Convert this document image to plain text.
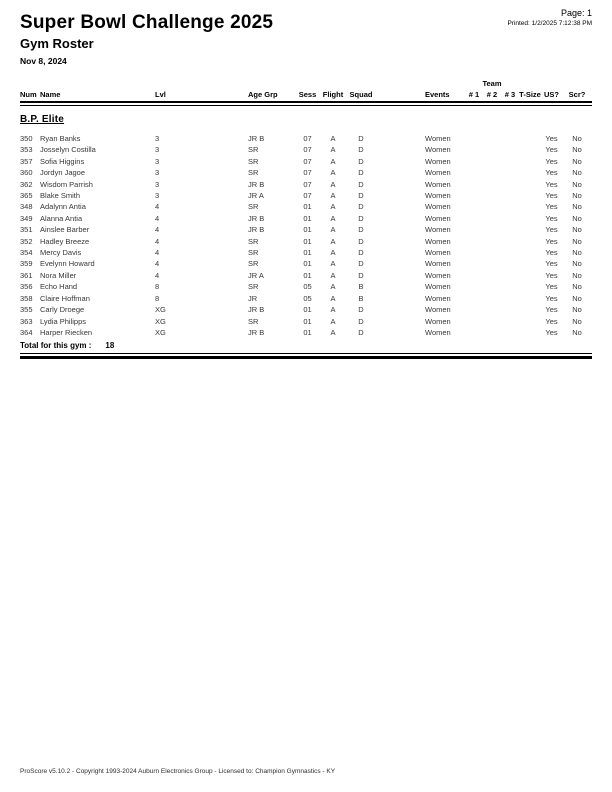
Super Bowl Challenge 2025
Gym Roster
Nov 8, 2024
Page: 1
Printed: 1/2/2025 7:12:38 PM
Team
Num Name	Lvl	Age Grp	Sess Flight Squad	Events	# 1	# 2	# 3 T-Size US?	Scr?
B.P. Elite
350 Ryan Banks	3	JR B	07	A	D	Women	Yes	No
353 Josselyn Costilla	3	SR	07	A	D	Women	Yes	No
357 Sofia Higgins	3	SR	07	A	D	Women	Yes	No
360 Jordyn Jagoe	3	SR	07	A	D	Women	Yes	No
362 Wisdom Parrish	3	JR B	07	A	D	Women	Yes	No
365 Blake Smith	3	JR A	07	A	D	Women	Yes	No
348 Adalynn Antia	4	SR	01	A	D	Women	Yes	No
349 Alanna Antia	4	JR B	01	A	D	Women	Yes	No
351 Ainslee Barber	4	JR B	01	A	D	Women	Yes	No
352 Hadley Breeze	4	SR	01	A	D	Women	Yes	No
354 Mercy Davis	4	SR	01	A	D	Women	Yes	No
359 Evelynn Howard	4	SR	01	A	D	Women	Yes	No
361 Nora Miller	4	JR A	01	A	D	Women	Yes	No
356 Echo Hand	8	SR	05	A	B	Women	Yes	No
358 Claire Hoffman	8	JR	05	A	B	Women	Yes	No
355 Carly Droege	XG	JR B	01	A	D	Women	Yes	No
363 Lydia Philipps	XG	SR	01	A	D	Women	Yes	No
364 Harper Riecken	XG	JR B	01	A	D	Women	Yes	No
Total for this gym : 18
ProScore v5.10.2 - Copyright 1993-2024 Auburn Electronics Group - Licensed to: Champion Gymnastics - KY
